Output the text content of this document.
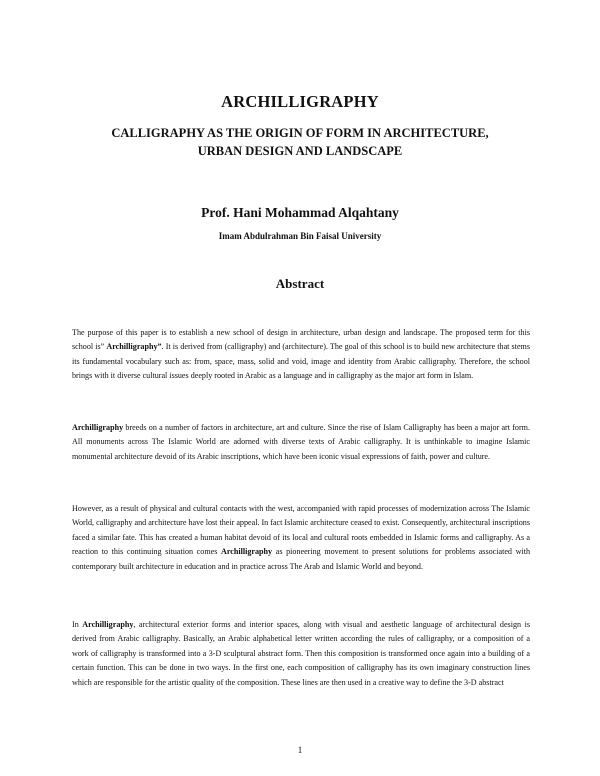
ARCHILLIGRAPHY
CALLIGRAPHY AS THE ORIGIN OF FORM IN ARCHITECTURE,
URBAN DESIGN AND LANDSCAPE
Prof. Hani Mohammad Alqahtany
Imam Abdulrahman Bin Faisal University
Abstract

The purpose of this paper is to establish a new school of design in architecture, urban design and landscape. The proposed term for this school is” Archilligraphy”. It is derived from (calligraphy) and (architecture). The goal of this school is to build new architecture that stems its fundamental vocabulary such as: from, space, mass, solid and void, image and identity from Arabic calligraphy. Therefore, the school brings with it diverse cultural issues deeply rooted in Arabic as a language and in calligraphy as the major art form in Islam.

Archilligraphy breeds on a number of factors in architecture, art and culture. Since the rise of Islam Calligraphy has been a major art form. All monuments across The Islamic World are adorned with diverse texts of Arabic calligraphy. It is unthinkable to imagine Islamic monumental architecture devoid of its Arabic inscriptions, which have been iconic visual expressions of faith, power and culture.

However, as a result of physical and cultural contacts with the west, accompanied with rapid processes of modernization across The Islamic World, calligraphy and architecture have lost their appeal. In fact Islamic architecture ceased to exist. Consequently, architectural inscriptions faced a similar fate. This has created a human habitat devoid of its local and cultural roots embedded in Islamic forms and calligraphy. As a reaction to this continuing situation comes Archilligraphy as pioneering movement to present solutions for problems associated with contemporary built architecture in education and in practice across The Arab and Islamic World and beyond.

In Archilligraphy, architectural exterior forms and interior spaces, along with visual and aesthetic language of architectural design is derived from Arabic calligraphy. Basically, an Arabic alphabetical letter written according the rules of calligraphy, or a composition of a work of calligraphy is transformed into a 3-D sculptural abstract form. Then this composition is transformed once again into a building of a certain function. This can be done in two ways. In the first one, each composition of calligraphy has its own imaginary construction lines which are responsible for the artistic quality of the composition. These lines are then used in a creative way to define the 3-D abstract

1
